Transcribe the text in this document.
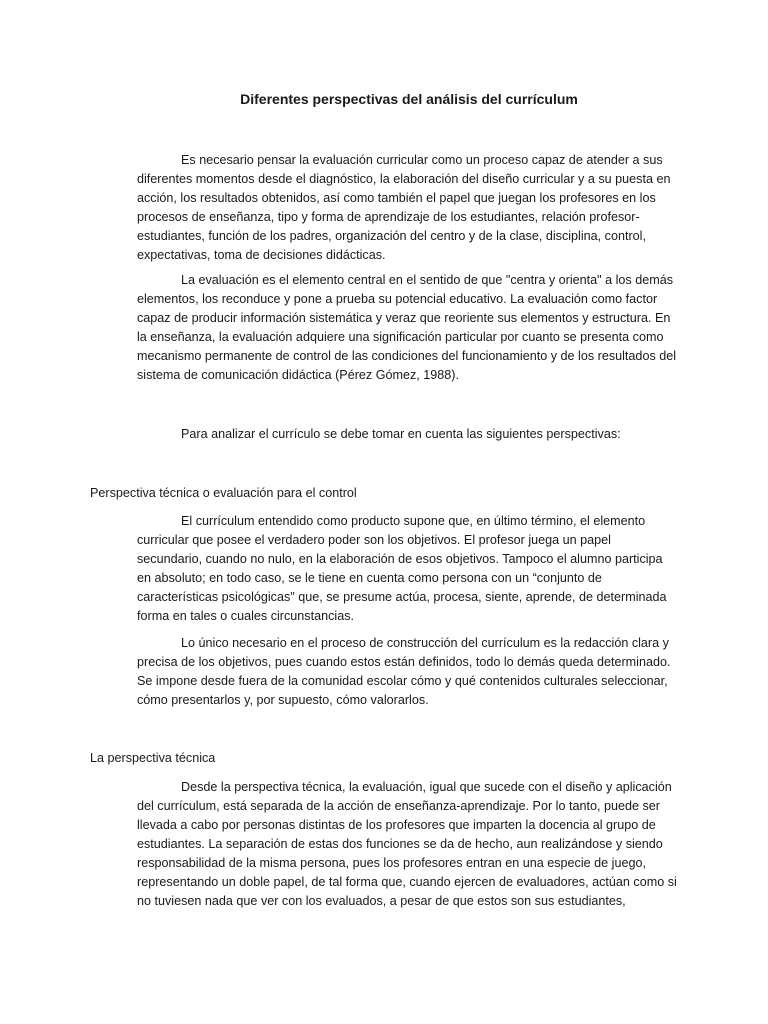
Diferentes perspectivas del análisis del currículum

Es necesario pensar la evaluación curricular como un proceso capaz de atender a sus diferentes momentos desde el diagnóstico, la elaboración del diseño curricular y a su puesta en acción, los resultados obtenidos, así como también el papel que juegan los profesores en los procesos de enseñanza, tipo y forma de aprendizaje de los estudiantes, relación profesor-estudiantes, función de los padres, organización del centro y de la clase, disciplina, control, expectativas, toma de decisiones didácticas.

La evaluación es el elemento central en el sentido de que "centra y orienta" a los demás elementos, los reconduce y pone a prueba su potencial educativo. La evaluación como factor capaz de producir información sistemática y veraz que reoriente sus elementos y estructura. En la enseñanza, la evaluación adquiere una significación particular por cuanto se presenta como mecanismo permanente de control de las condiciones del funcionamiento y de los resultados del sistema de comunicación didáctica (Pérez Gómez, 1988).

Para analizar el currículo se debe tomar en cuenta las siguientes perspectivas:
Perspectiva técnica o evaluación para el control

El currículum entendido como producto supone que, en último término, el elemento curricular que posee el verdadero poder son los objetivos. El profesor juega un papel secundario, cuando no nulo, en la elaboración de esos objetivos. Tampoco el alumno participa en absoluto; en todo caso, se le tiene en cuenta como persona con un “conjunto de características psicológicas" que, se presume actúa, procesa, siente, aprende, de determinada forma en tales o cuales circunstancias.

Lo único necesario en el proceso de construcción del currículum es la redacción clara y precisa de los objetivos, pues cuando estos están definidos, todo lo demás queda determinado. Se impone desde fuera de la comunidad escolar cómo y qué contenidos culturales seleccionar, cómo presentarlos y, por supuesto, cómo valorarlos.

La perspectiva técnica

Desde la perspectiva técnica, la evaluación, igual que sucede con el diseño y aplicación del currículum, está separada de la acción de enseñanza-aprendizaje. Por lo tanto, puede ser llevada a cabo por personas distintas de los profesores que imparten la docencia al grupo de estudiantes. La separación de estas dos funciones se da de hecho, aun realizándose y siendo responsabilidad de la misma persona, pues los profesores entran en una especie de juego, representando un doble papel, de tal forma que, cuando ejercen de evaluadores, actúan como si no tuviesen nada que ver con los evaluados, a pesar de que estos son sus estudiantes,
